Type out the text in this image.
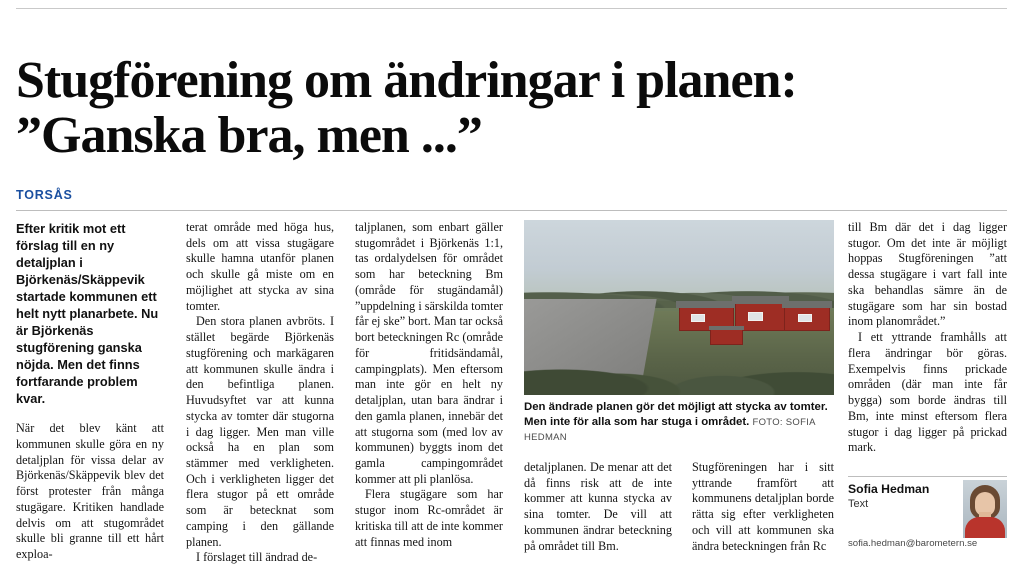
Stugförening om ändringar i planen: ”Ganska bra, men ...”
TORSÅS

Efter kritik mot ett förslag till en ny detaljplan i Björkenäs/Skäppevik startade kommunen ett helt nytt planarbete. Nu är Björkenäs stugförening ganska nöjda. Men det finns fortfarande problem kvar.

När det blev känt att kommunen skulle göra en ny detaljplan för vissa delar av Björkenäs/Skäppevik blev det först protester från många stugägare. Kritiken handlade delvis om att stugområdet skulle bli granne till ett hårt exploa-

terat område med höga hus, dels om att vissa stugägare skulle hamna utanför planen och skulle gå miste om en möjlighet att stycka av sina tomter.

Den stora planen avbröts. I stället begärde Björkenäs stugförening och markägaren att kommunen skulle ändra i den befintliga planen. Huvudsyftet var att kunna stycka av tomter där stugorna i dag ligger. Men man ville också ha en plan som stämmer med verkligheten. Och i verkligheten ligger det flera stugor på ett område som är betecknat som camping i den gällande planen.

I förslaget till ändrad de-

taljplanen, som enbart gäller stugområdet i Björkenäs 1:1, tas ordalydelsen för området som har beteckning Bm (område för stugändamål) ”uppdelning i särskilda tomter får ej ske” bort. Man tar också bort beteckningen Rc (område för fritidsändamål, campingplats). Men eftersom man inte gör en helt ny detaljplan, utan bara ändrar i den gamla planen, innebär det att stugorna som (med lov av kommunen) byggts inom det gamla campingområdet kommer att pli planlösa.

Flera stugägare som har stugor inom Rc-området är kritiska till att de inte kommer att finnas med inom

Den ändrade planen gör det möjligt att stycka av tomter. Men inte för alla som har stuga i området. FOTO: SOFIA HEDMAN

detaljplanen. De menar att det då finns risk att de inte kommer att kunna stycka av sina tomter. De vill att kommunen ändrar beteckning på området till Bm.

Stugföreningen har i sitt yttrande framfört att kommunens detaljplan borde rätta sig efter verkligheten och vill att kommunen ska ändra beteckningen från Rc

till Bm där det i dag ligger stugor. Om det inte är möjligt hoppas Stugföreningen ”att dessa stugägare i vart fall inte ska behandlas sämre än de stugägare som har sin bostad inom planområdet.”

I ett yttrande framhålls att flera ändringar bör göras. Exempelvis finns prickade områden (där man inte får bygga) som borde ändras till Bm, inte minst eftersom flera stugor i dag ligger på prickad mark.

Sofia Hedman
Text
sofia.hedman@barometern.se
